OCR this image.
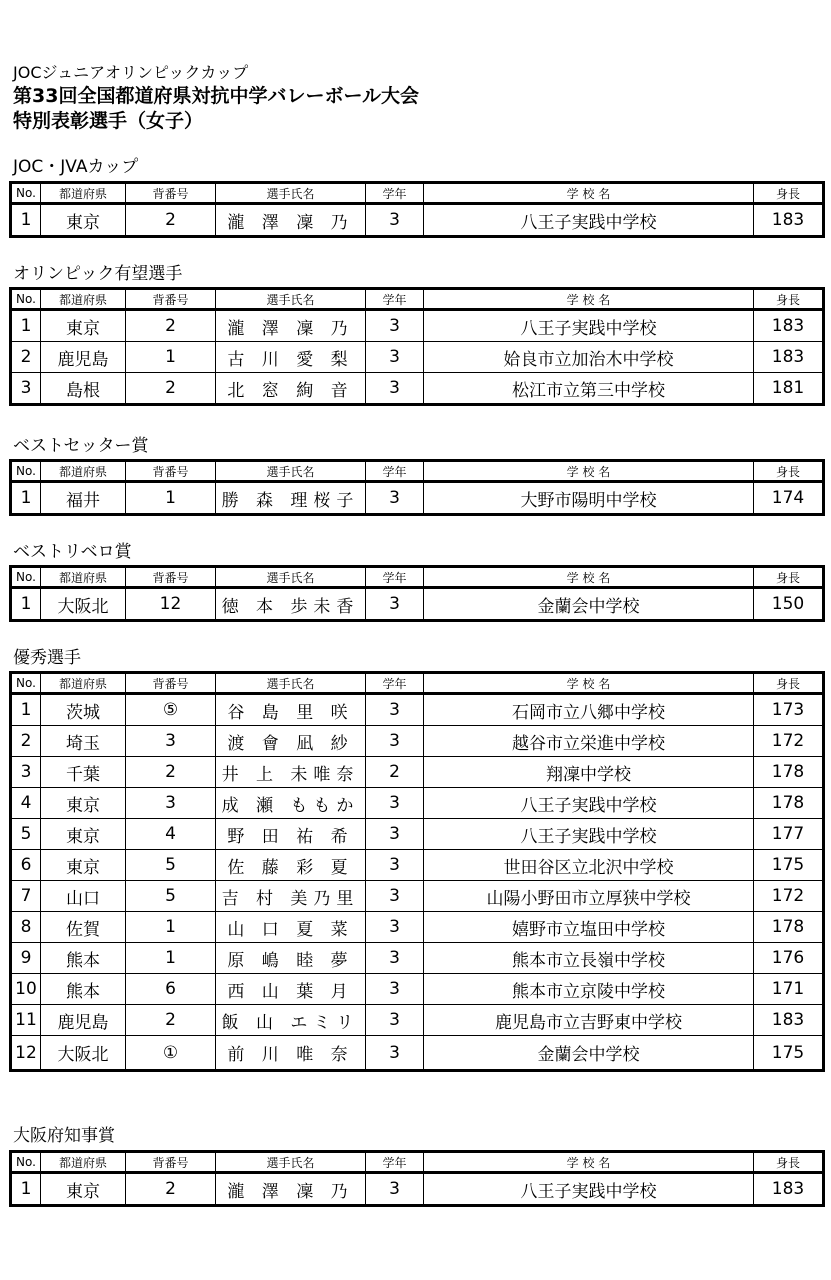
JOCジュニアオリンピックカップ
第33回全国都道府県対抗中学バレーボール大会
特別表彰選手（女子）
JOC・JVAカップ
No.	都道府県	背番号	選手氏名	学年	学 校 名	身長
1	東京	2	瀧 澤 凜 乃	3	八王子実践中学校	183
オリンピック有望選手
No.	都道府県	背番号	選手氏名	学年	学 校 名	身長
1	東京	2	瀧 澤 凜 乃	3	八王子実践中学校	183
2	鹿児島	1	古 川 愛 梨	3	姶良市立加治木中学校	183
3	島根	2	北 窓 絢 音	3	松江市立第三中学校	181
ベストセッター賞
No.	都道府県	背番号	選手氏名	学年	学 校 名	身長
1	福井	1	勝 森 理桜子	3	大野市陽明中学校	174
ベストリベロ賞
No.	都道府県	背番号	選手氏名	学年	学 校 名	身長
1	大阪北	12	徳 本 歩未香	3	金蘭会中学校	150
優秀選手
No.	都道府県	背番号	選手氏名	学年	学 校 名	身長
1	茨城	⑤	谷 島 里 咲	3	石岡市立八郷中学校	173
2	埼玉	3	渡 會 凪 紗	3	越谷市立栄進中学校	172
3	千葉	2	井 上 未唯奈	2	翔凜中学校	178
4	東京	3	成 瀬 ももか	3	八王子実践中学校	178
5	東京	4	野 田 祐 希	3	八王子実践中学校	177
6	東京	5	佐 藤 彩 夏	3	世田谷区立北沢中学校	175
7	山口	5	吉 村 美乃里	3	山陽小野田市立厚狭中学校	172
8	佐賀	1	山 口 夏 菜	3	嬉野市立塩田中学校	178
9	熊本	1	原 嶋 睦 夢	3	熊本市立長嶺中学校	176
10	熊本	6	西 山 葉 月	3	熊本市立京陵中学校	171
11	鹿児島	2	飯 山 エミリ	3	鹿児島市立吉野東中学校	183
12	大阪北	①	前 川 唯 奈	3	金蘭会中学校	175
大阪府知事賞
No.	都道府県	背番号	選手氏名	学年	学 校 名	身長
1	東京	2	瀧 澤 凜 乃	3	八王子実践中学校	183
